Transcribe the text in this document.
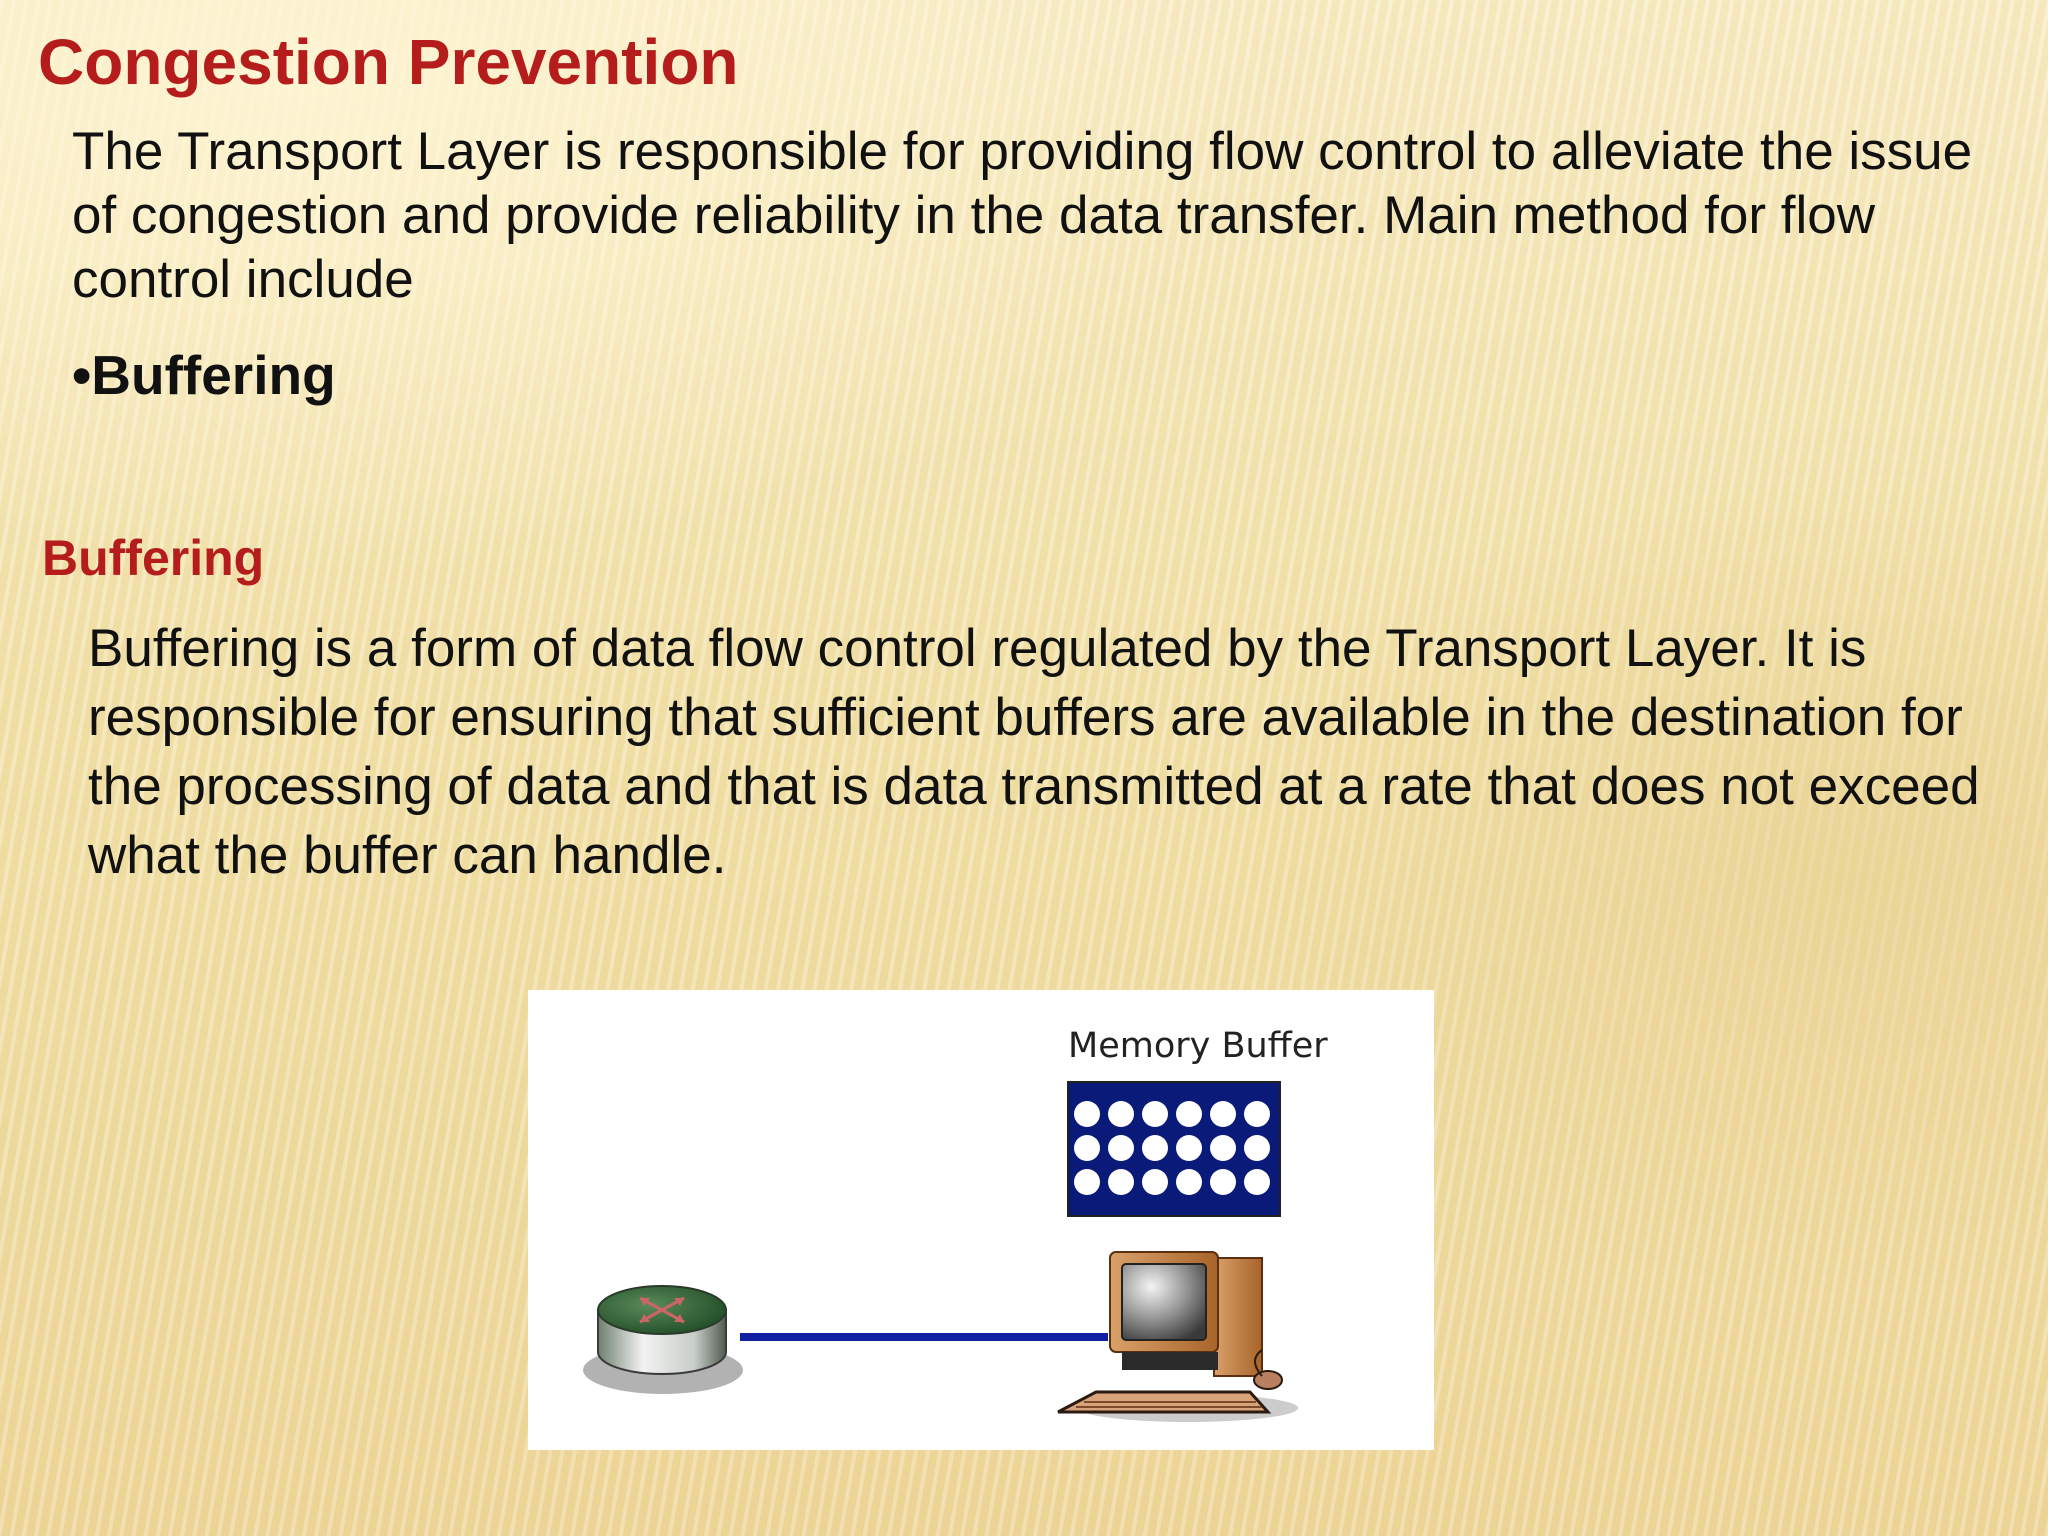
Congestion Prevention

The Transport Layer is responsible for providing flow control to alleviate the issue of congestion and provide reliability in the data transfer. Main method for flow control include

•Buffering
Buffering

Buffering is a form of data flow control regulated by the Transport Layer. It is responsible for ensuring that sufficient buffers are available in the destination for the processing of data and that is data transmitted at a rate that does not exceed what the buffer can handle.

Memory Buffer
